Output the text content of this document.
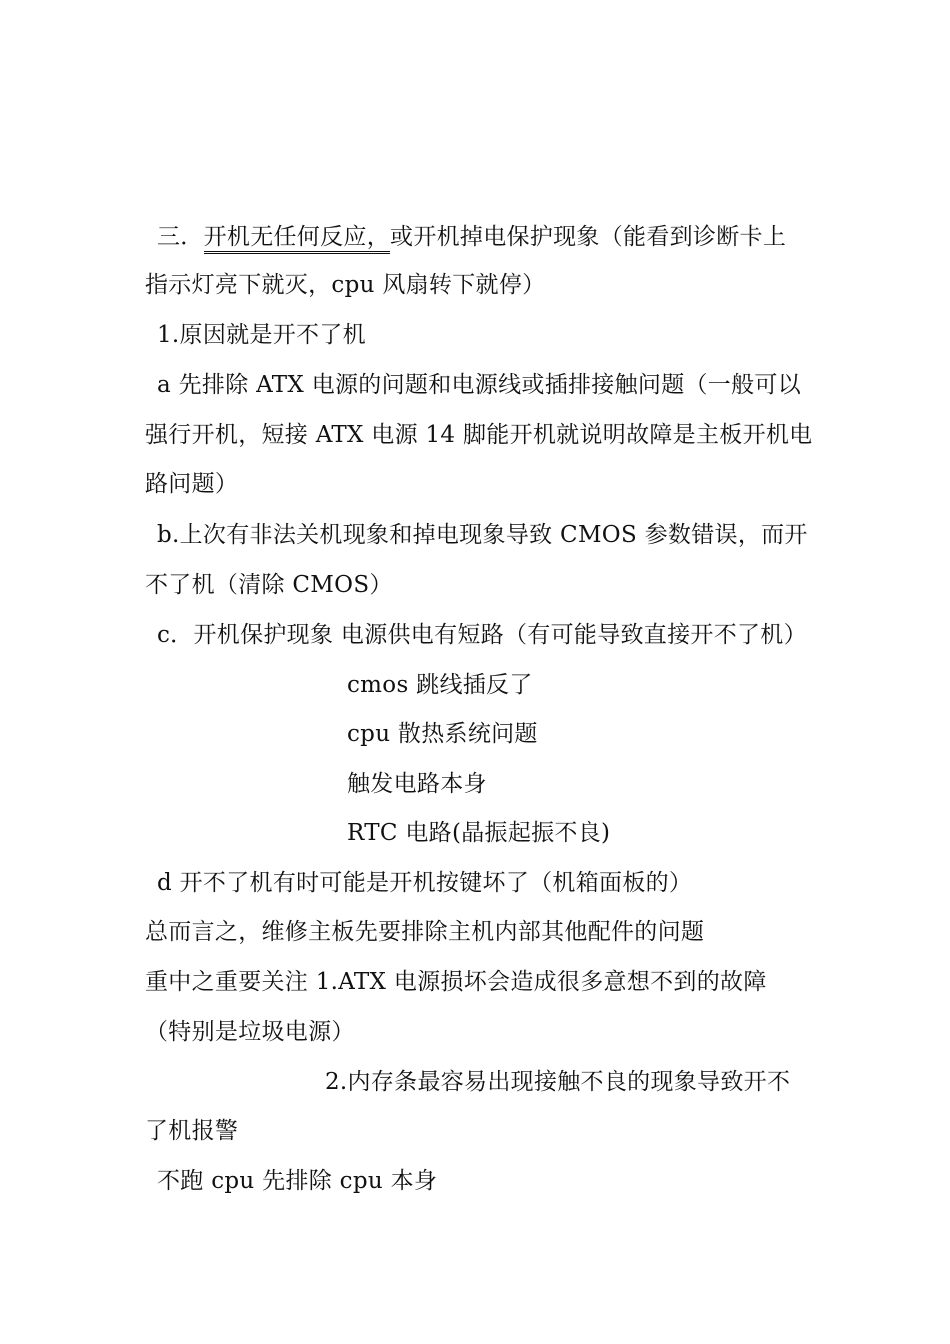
三．开机无任何反应，或开机掉电保护现象（能看到诊断卡上
指示灯亮下就灭，cpu 风扇转下就停）
1.原因就是开不了机
a 先排除 ATX 电源的问题和电源线或插排接触问题（一般可以
强行开机，短接 ATX 电源 14 脚能开机就说明故障是主板开机电
路问题）
b.上次有非法关机现象和掉电现象导致 CMOS 参数错误，而开
不了机（清除 CMOS）
c．开机保护现象 电源供电有短路（有可能导致直接开不了机）
cmos 跳线插反了
cpu 散热系统问题
触发电路本身
RTC 电路(晶振起振不良)
d 开不了机有时可能是开机按键坏了（机箱面板的）
总而言之，维修主板先要排除主机内部其他配件的问题
重中之重要关注 1.ATX 电源损坏会造成很多意想不到的故障
（特别是垃圾电源）
2.内存条最容易出现接触不良的现象导致开不
了机报警
不跑 cpu 先排除 cpu 本身
